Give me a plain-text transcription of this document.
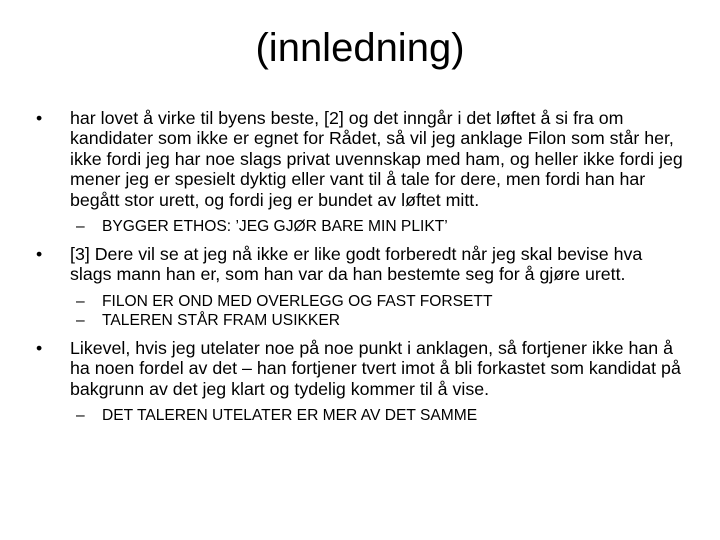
(innledning)
•	har lovet å virke til byens beste, [2] og det inngår i det løftet å si fra om kandidater som ikke er egnet for Rådet, så vil jeg anklage Filon som står her, ikke fordi jeg har noe slags privat uvennskap med ham, og heller ikke fordi jeg mener jeg er spesielt dyktig eller vant til å tale for dere, men fordi han har begått stor urett, og fordi jeg er bundet av løftet mitt.
– BYGGER ETHOS: ’JEG GJØR BARE MIN PLIKT’
•	[3] Dere vil se at jeg nå ikke er like godt forberedt når jeg skal bevise hva slags mann han er, som han var da han bestemte seg for å gjøre urett.
– FILON ER OND MED OVERLEGG OG FAST FORSETT
– TALEREN STÅR FRAM USIKKER
•	Likevel, hvis jeg utelater noe på noe punkt i anklagen, så fortjener ikke han å ha noen fordel av det – han fortjener tvert imot å bli forkastet som kandidat på bakgrunn av det jeg klart og tydelig kommer til å vise.
– DET TALEREN UTELATER ER MER AV DET SAMME
